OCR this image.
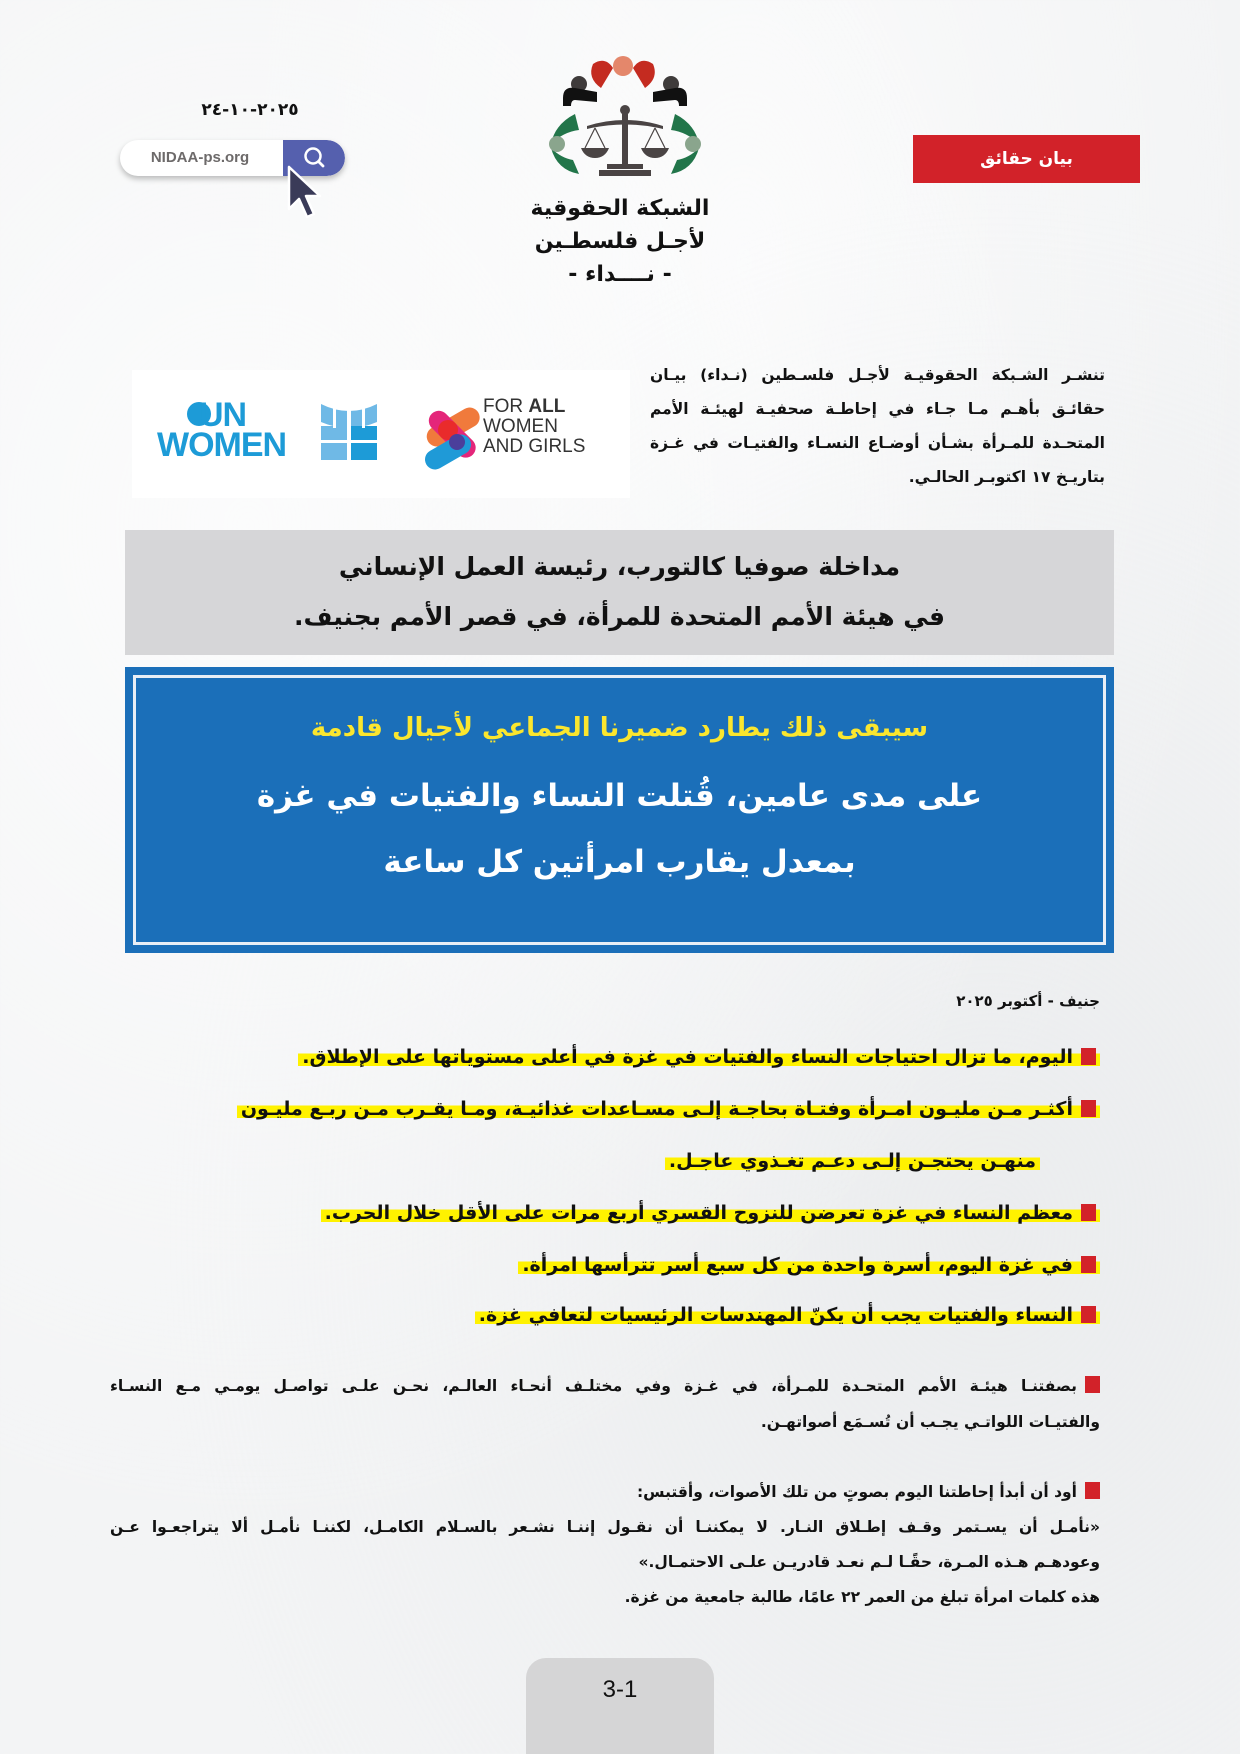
٢٠٢٥-١٠-٢٤
NIDAA-ps.org
الشبكة الحقوقية
لأجـل فلسطـين
- نــــداء -
بيان حقائق
تنشـر الشـبكة الحقوقيـة لأجـل فلسـطين (نـداء) بيـان حقائـق بأهـم مـا جـاء في إحاطـة صحفيـة لهيئـة الأمم المتحـدة للمـرأة بشـأن أوضـاع النسـاء والفتيـات في غـزة بتاريـخ ١٧ اكتوبـر الحالـي.
UN
WOMEN
FOR ALL
WOMEN
AND GIRLS
مداخلة صوفيا كالتورب، رئيسة العمل الإنساني
في هيئة الأمم المتحدة للمرأة، في قصر الأمم بجنيف.
سيبقى ذلك يطارد ضميرنا الجماعي لأجيال قادمة
على مدى عامين، قُتلت النساء والفتيات في غزة
بمعدل يقارب امرأتين كل ساعة
جنيف - أكتوبر ٢٠٢٥
اليوم، ما تزال احتياجات النساء والفتيات في غزة في أعلى مستوياتها على الإطلاق.
أكثـر مـن مليـون امـرأة وفتـاة بحاجـة إلـى مسـاعدات غذائيـة، ومـا يقـرب مـن ربـع مليـون
منهـن يحتجـن إلـى دعـم تغـذوي عاجـل.
معظم النساء في غزة تعرضن للنزوح القسري أربع مرات على الأقل خلال الحرب.
في غزة اليوم، أسرة واحدة من كل سبع أسر تترأسها امرأة.
النساء والفتيات يجب أن يكنّ المهندسات الرئيسيات لتعافي غزة.
بصفتنـا هيئـة الأمم المتحـدة للمـرأة، في غـزة وفي مختلـف أنحـاء العالـم، نحـن علـى تواصـل يومـي مـع النسـاء
والفتيـات اللواتـي يجـب أن تُسـمَع أصواتهـن.
أود أن أبدأ إحاطتنا اليوم بصوتٍ من تلك الأصوات، وأقتبس:
«نأمـل أن يسـتمر وقـف إطـلاق النـار. لا يمكننـا أن نقـول إننـا نشـعر بالسـلام الكامـل، لكننـا نأمـل ألا يتراجعـوا عـن
وعودهـم هـذه المـرة، حقًـا لـم نعـد قادريـن علـى الاحتمـال.»
هذه كلمات امرأة تبلغ من العمر ٢٢ عامًا، طالبة جامعية من غزة.
3-1
